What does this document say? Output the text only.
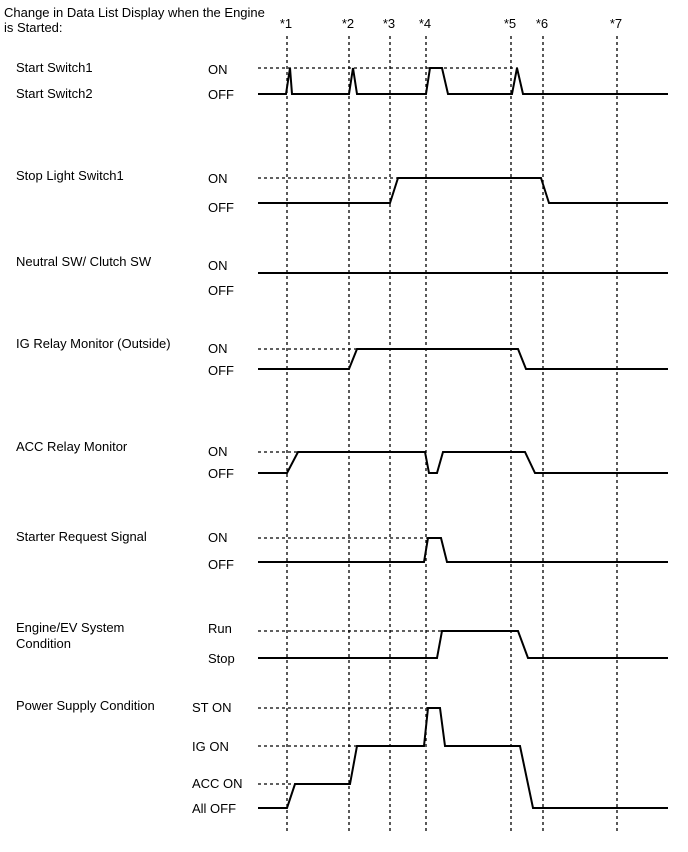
Change in Data List Display when the Engine
is Started:	*1	*2 *3 *4	*5 *6	*7
Start Switch1
Start Switch2
Stop Light Switch1
Neutral SW/ Clutch SW
IG Relay Monitor (Outside)
ACC Relay Monitor
Starter Request Signal
Engine/EV System
Condition
Power Supply Condition
ON
OFF
ON
OFF
ON
OFF
ON
OFF
ON
OFF
ON
OFF
Run
Stop
ST ON
IG ON
ACC ON
All OFF
